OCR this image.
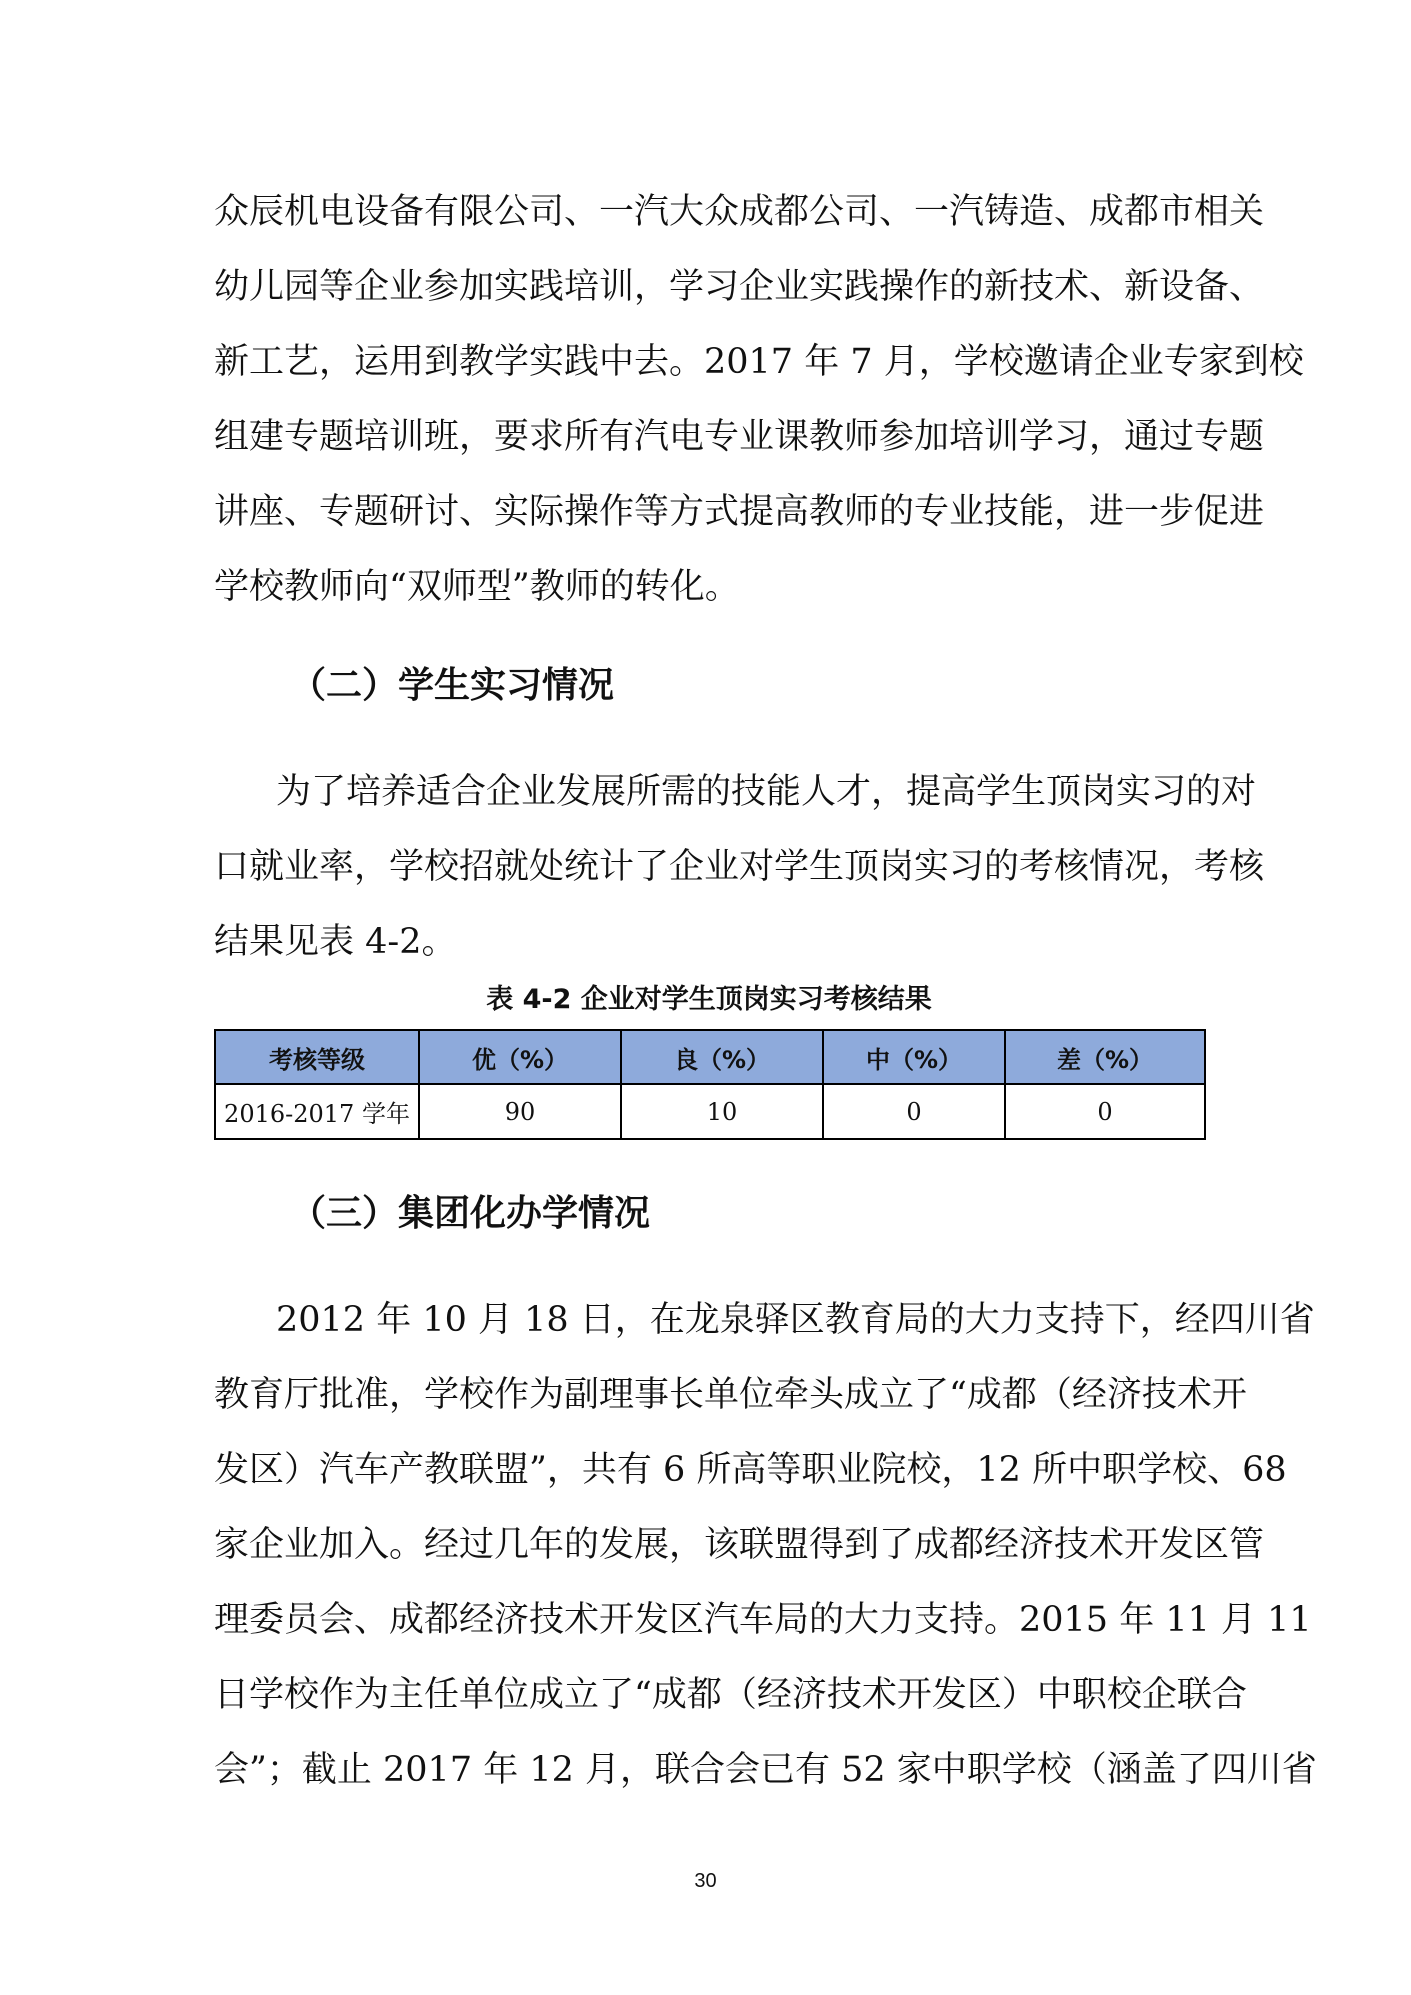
众辰机电设备有限公司、一汽大众成都公司、一汽铸造、成都市相关
幼儿园等企业参加实践培训，学习企业实践操作的新技术、新设备、
新工艺，运用到教学实践中去。2017 年 7 月，学校邀请企业专家到校
组建专题培训班，要求所有汽电专业课教师参加培训学习，通过专题
讲座、专题研讨、实际操作等方式提高教师的专业技能，进一步促进
学校教师向“双师型”教师的转化。
（二）学生实习情况
为了培养适合企业发展所需的技能人才，提高学生顶岗实习的对
口就业率，学校招就处统计了企业对学生顶岗实习的考核情况，考核
结果见表 4-2。
表 4-2 企业对学生顶岗实习考核结果
考核等级	优（%）	良（%）	中（%）	差（%）
2016-2017 学年	90	10	0	0
（三）集团化办学情况
2012 年 10 月 18 日，在龙泉驿区教育局的大力支持下，经四川省
教育厅批准，学校作为副理事长单位牵头成立了“成都（经济技术开
发区）汽车产教联盟”，共有 6 所高等职业院校，12 所中职学校、68
家企业加入。经过几年的发展，该联盟得到了成都经济技术开发区管
理委员会、成都经济技术开发区汽车局的大力支持。2015 年 11 月 11
日学校作为主任单位成立了“成都（经济技术开发区）中职校企联合
会”；截止 2017 年 12 月，联合会已有 52 家中职学校（涵盖了四川省
30
